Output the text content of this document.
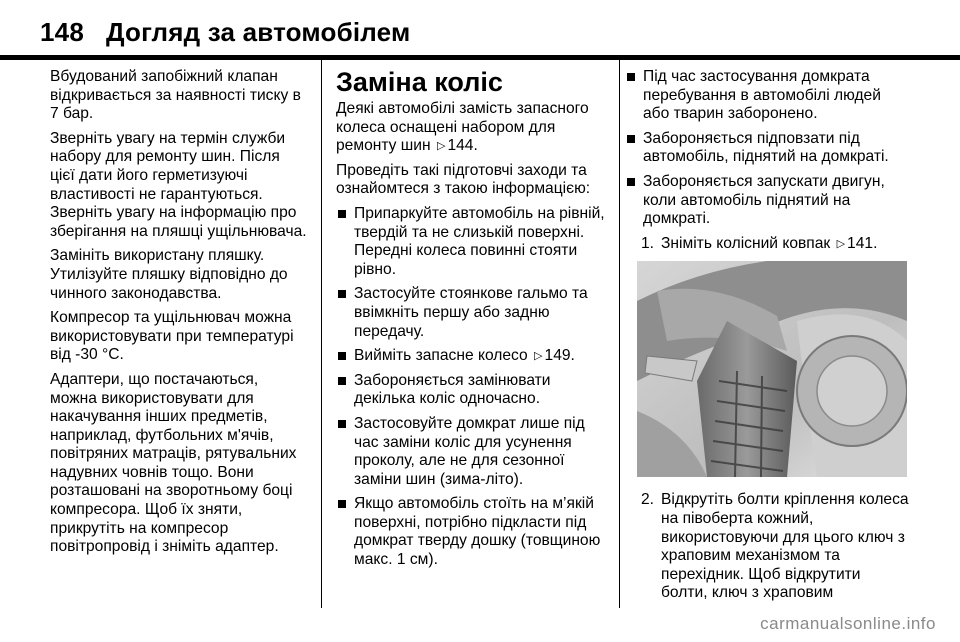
148 Догляд за автомобілем

Вбудований запобіжний клапан відкривається за наявності тиску в 7 бар.

Зверніть увагу на термін служби набору для ремонту шин. Після цієї дати його герметизуючі властивості не гарантуються. Зверніть увагу на інформацію про зберігання на пляшці ущільнювача.

Замініть використану пляшку. Утилізуйте пляшку відповідно до чинного законодавства.

Компресор та ущільнювач можна використовувати при температурі від -30 °C.

Адаптери, що постачаються, можна використовувати для накачування інших предметів, наприклад, футбольних м'ячів, повітряних матраців, рятувальних надувних човнів тощо. Вони розташовані на зворотньому боці компресора. Щоб їх зняти, прикрутіть на компресор повітропровід і зніміть адаптер.

Заміна коліс

Деякі автомобілі замість запасного колеса оснащені набором для ремонту шин ▷ 144.

Проведіть такі підготовчі заходи та ознайомтеся з такою інформацією:

Припаркуйте автомобіль на рівній, твердій та не слизькій поверхні. Передні колеса повинні стояти рівно.
Застосуйте стоянкове гальмо та ввімкніть першу або задню передачу.
Вийміть запасне колесо ▷ 149.
Забороняється замінювати декілька коліс одночасно.
Застосовуйте домкрат лише під час заміни коліс для усунення проколу, але не для сезонної заміни шин (зима-літо).
Якщо автомобіль стоїть на м’якій поверхні, потрібно підкласти під домкрат тверду дошку (товщиною макс. 1 см).
Під час застосування домкрата перебування в автомобілі людей або тварин заборонено.
Забороняється підповзати під автомобіль, піднятий на домкраті.
Забороняється запускати двигун, коли автомобіль піднятий на домкраті.
1. Зніміть колісний ковпак ▷ 141.
2. Відкрутіть болти кріплення колеса на півоберта кожний, використовуючи для цього ключ з храповим механізмом та перехідник. Щоб відкрутити болти, ключ з храповим
carmanualsonline.info
